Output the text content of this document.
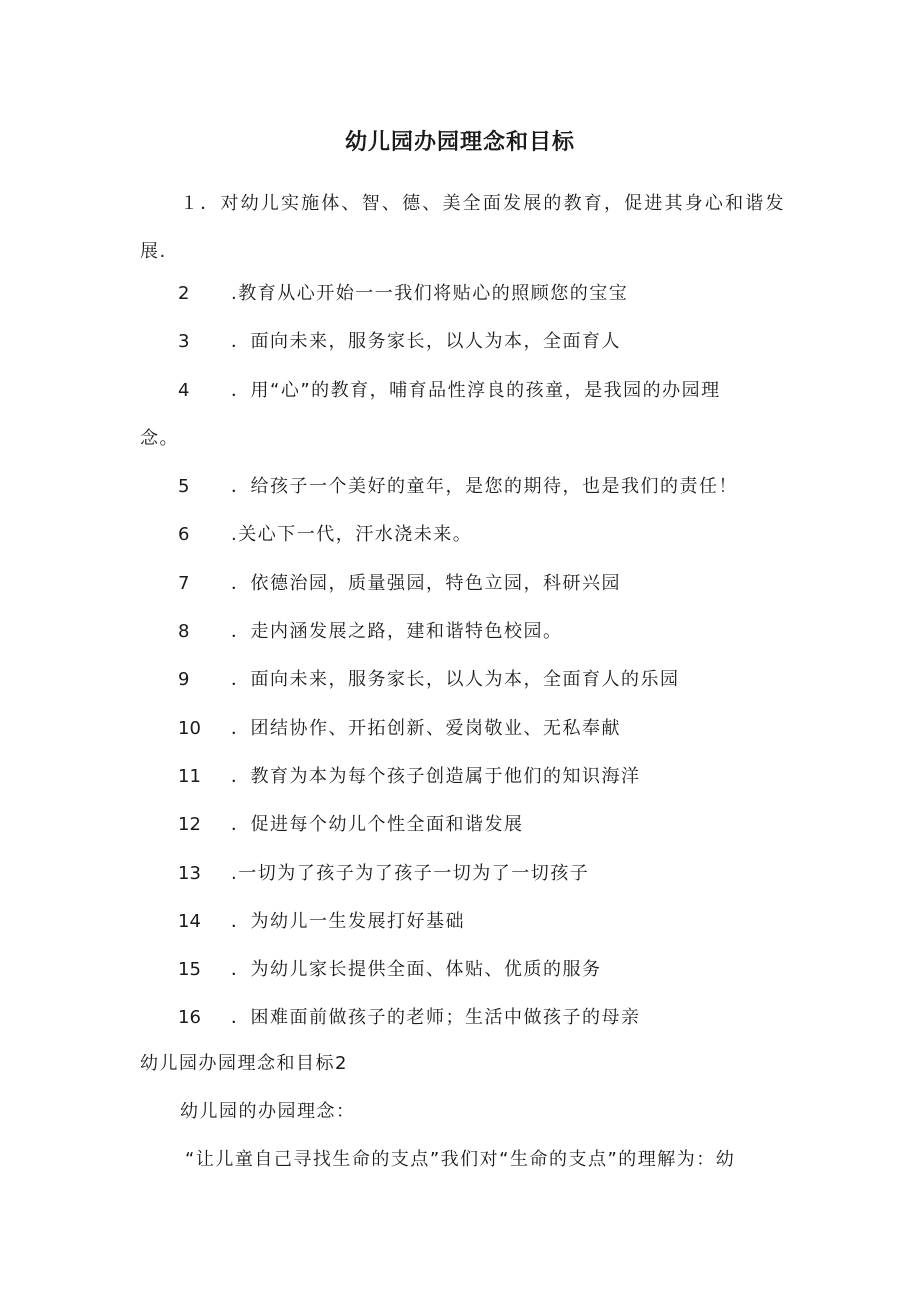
幼儿园办园理念和目标
１．对幼儿实施体、智、德、美全面发展的教育，促进其身心和谐发展.
2 .教育从心开始一一我们将贴心的照顾您的宝宝
3 ．面向未来，服务家长，以人为本，全面育人
4 ．用“心”的教育，哺育品性淳良的孩童，是我园的办园理
念。
5 ．给孩子一个美好的童年，是您的期待，也是我们的责任！
6 .关心下一代，汗水浇未来。
7 ．依德治园，质量强园，特色立园，科研兴园
8 ．走内涵发展之路，建和谐特色校园。
9 ．面向未来，服务家长，以人为本，全面育人的乐园
10 ．团结协作、开拓创新、爱岗敬业、无私奉献
11 ．教育为本为每个孩子创造属于他们的知识海洋
12 ．促进每个幼儿个性全面和谐发展
13 .一切为了孩子为了孩子一切为了一切孩子
14 ．为幼儿一生发展打好基础
15 ．为幼儿家长提供全面、体贴、优质的服务
16 ．困难面前做孩子的老师；生活中做孩子的母亲
幼儿园办园理念和目标2
幼儿园的办园理念：
“让儿童自己寻找生命的支点”我们对“生命的支点”的理解为：幼
